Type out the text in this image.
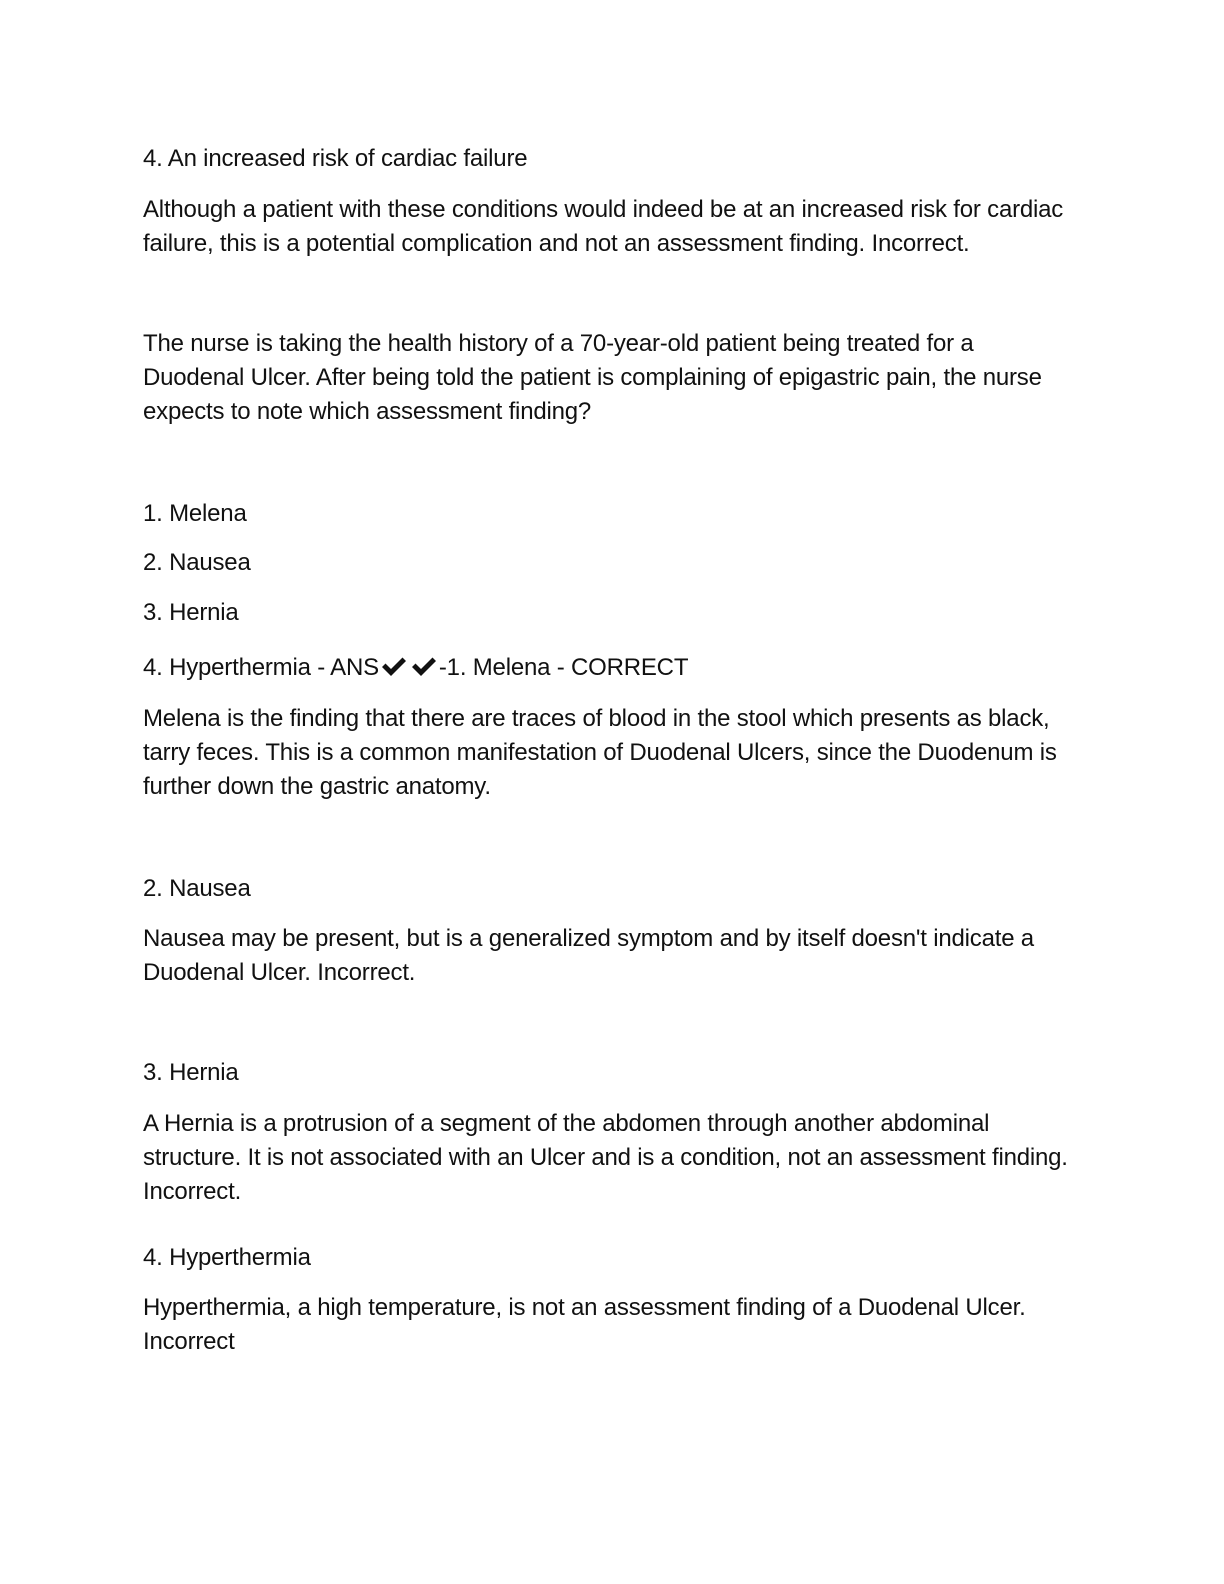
4. An increased risk of cardiac failure

Although a patient with these conditions would indeed be at an increased risk for cardiac failure, this is a potential complication and not an assessment finding. Incorrect.

The nurse is taking the health history of a 70-year-old patient being treated for a Duodenal Ulcer. After being told the patient is complaining of epigastric pain, the nurse expects to note which assessment finding?

1. Melena

2. Nausea

3. Hernia

4. Hyperthermia - ANS	-1. Melena - CORRECT

Melena is the finding that there are traces of blood in the stool which presents as black, tarry feces. This is a common manifestation of Duodenal Ulcers, since the Duodenum is further down the gastric anatomy.

2. Nausea

Nausea may be present, but is a generalized symptom and by itself doesn't indicate a Duodenal Ulcer. Incorrect.

3. Hernia

A Hernia is a protrusion of a segment of the abdomen through another abdominal structure. It is not associated with an Ulcer and is a condition, not an assessment finding. Incorrect.

4. Hyperthermia

Hyperthermia, a high temperature, is not an assessment finding of a Duodenal Ulcer. Incorrect
